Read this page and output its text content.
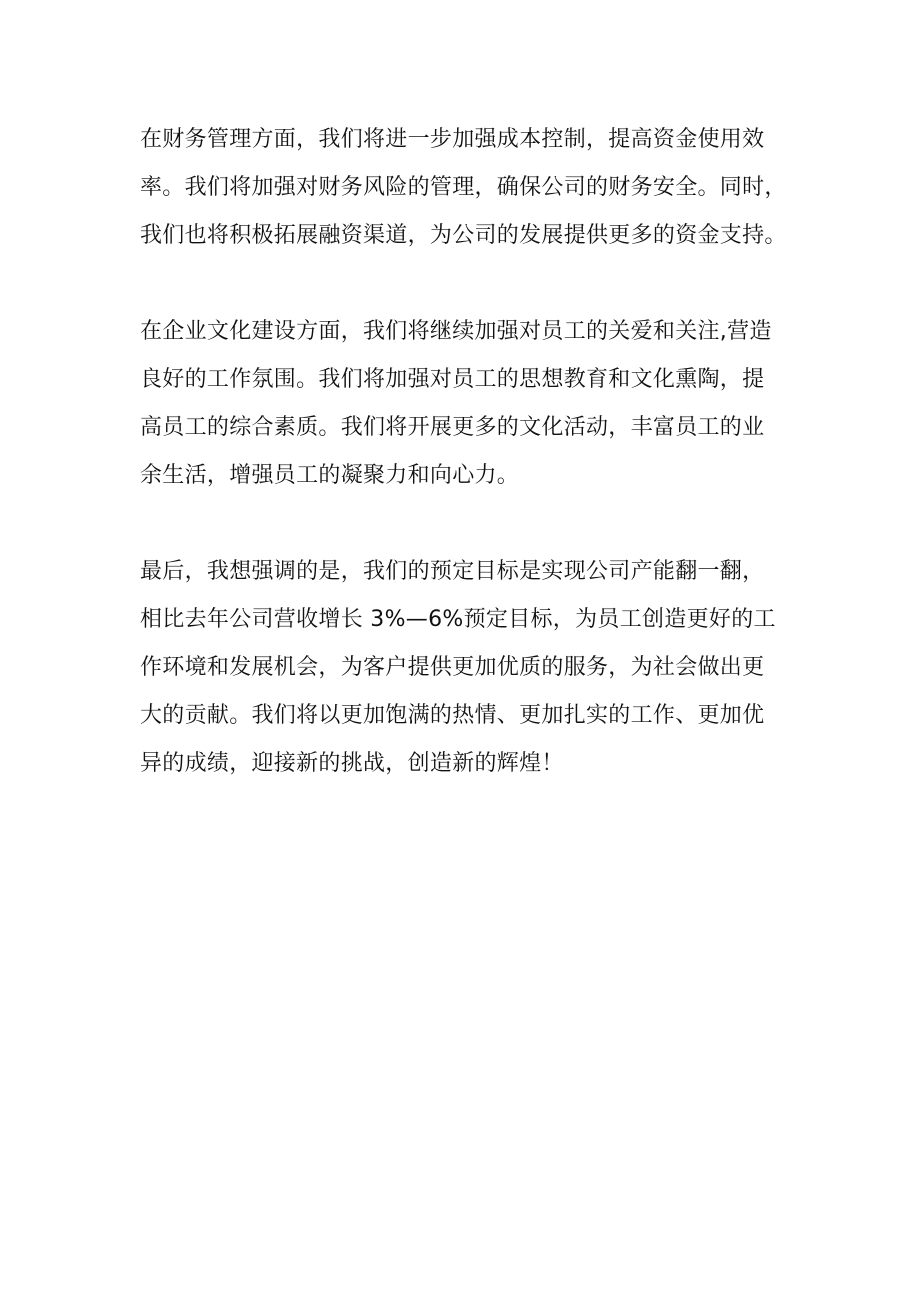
在财务管理方面，我们将进一步加强成本控制，提高资金使用效
率。我们将加强对财务风险的管理，确保公司的财务安全。同时，
我们也将积极拓展融资渠道，为公司的发展提供更多的资金支持。

在企业文化建设方面，我们将继续加强对员工的关爱和关注,营造
良好的工作氛围。我们将加强对员工的思想教育和文化熏陶，提
高员工的综合素质。我们将开展更多的文化活动，丰富员工的业
余生活，增强员工的凝聚力和向心力。

最后，我想强调的是，我们的预定目标是实现公司产能翻一翻，
相比去年公司营收增长 3%—6%预定目标，为员工创造更好的工
作环境和发展机会，为客户提供更加优质的服务，为社会做出更
大的贡献。我们将以更加饱满的热情、更加扎实的工作、更加优
异的成绩，迎接新的挑战，创造新的辉煌！
